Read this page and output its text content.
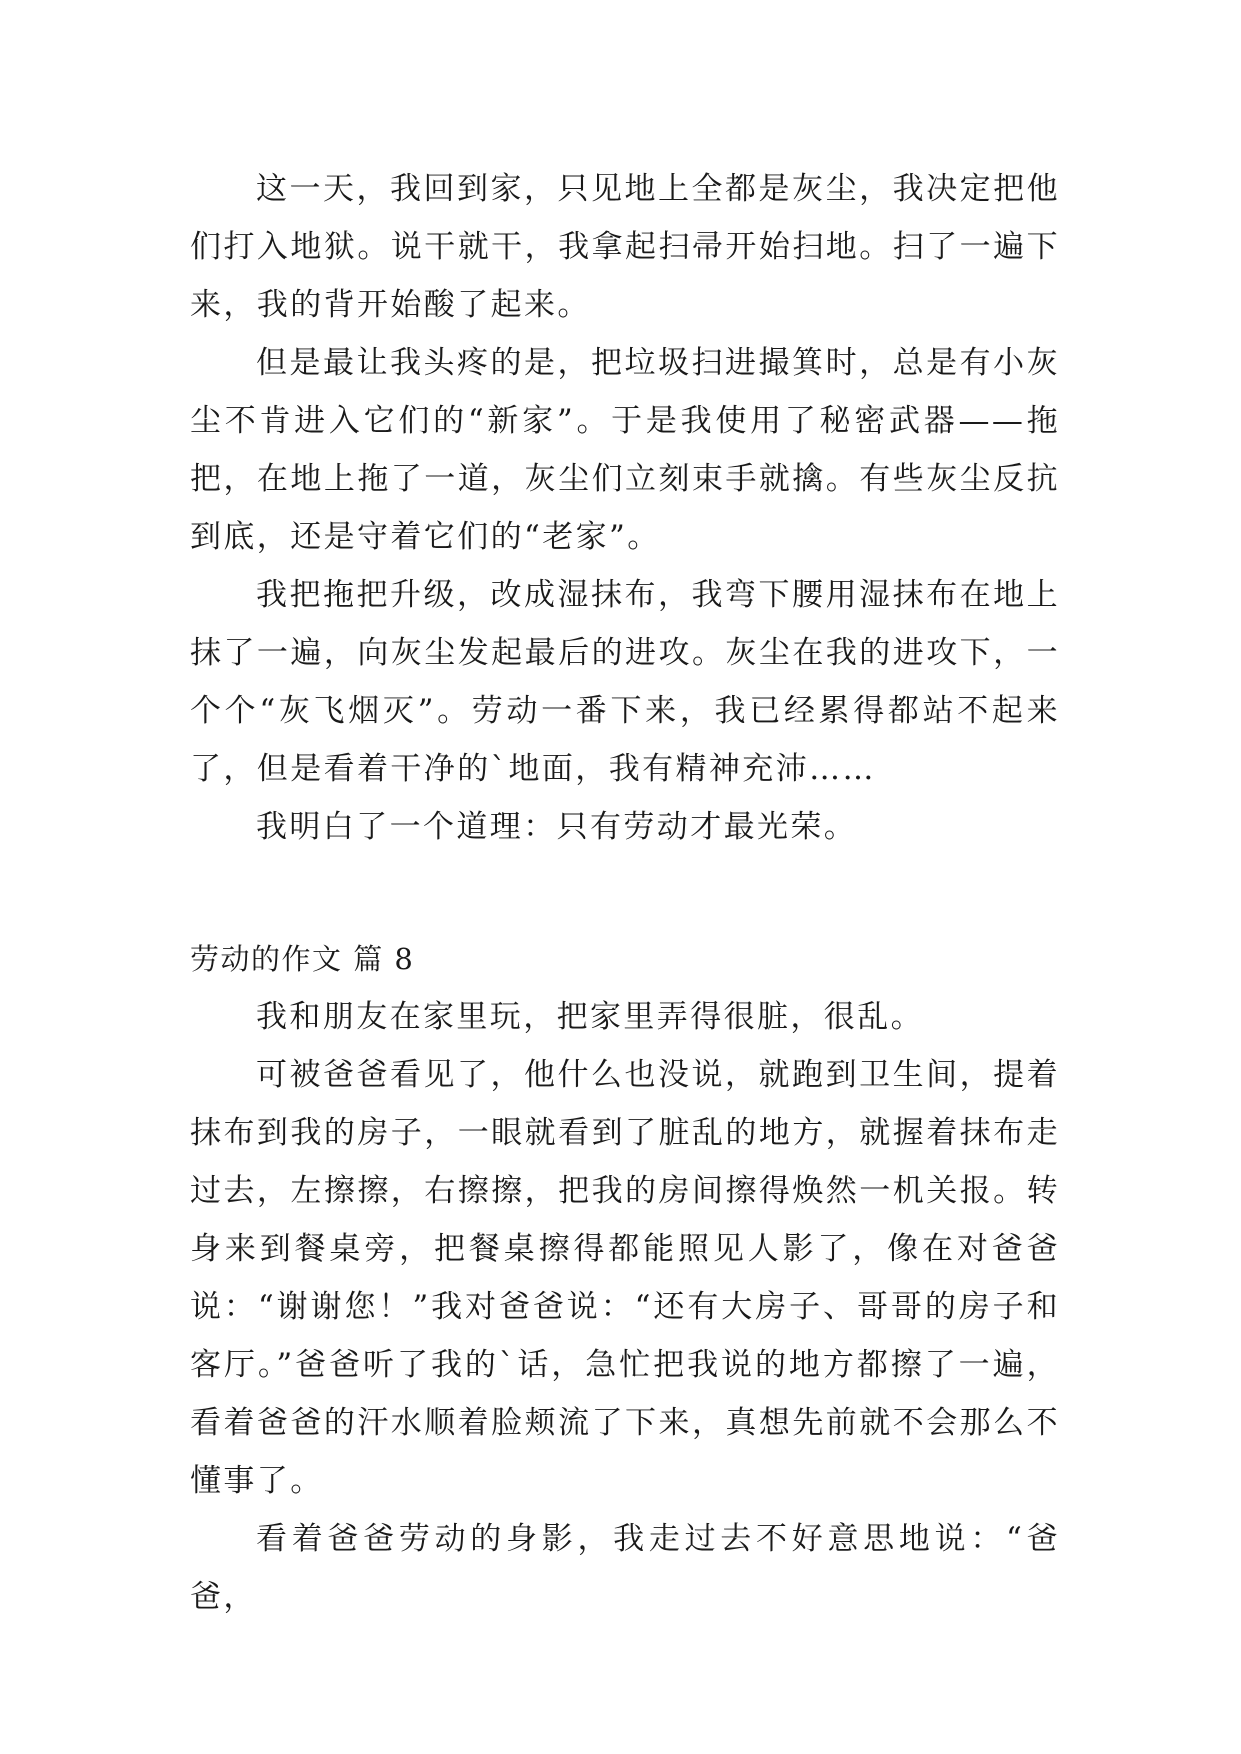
这一天，我回到家，只见地上全都是灰尘，我决定把他们打入地狱。说干就干，我拿起扫帚开始扫地。扫了一遍下来，我的背开始酸了起来。

但是最让我头疼的是，把垃圾扫进撮箕时，总是有小灰尘不肯进入它们的“新家”。于是我使用了秘密武器——拖把，在地上拖了一道，灰尘们立刻束手就擒。有些灰尘反抗到底，还是守着它们的“老家”。

我把拖把升级，改成湿抹布，我弯下腰用湿抹布在地上抹了一遍，向灰尘发起最后的进攻。灰尘在我的进攻下，一个个“灰飞烟灭”。劳动一番下来，我已经累得都站不起来了，但是看着干净的`地面，我有精神充沛……

我明白了一个道理：只有劳动才最光荣。

劳动的作文 篇 8

我和朋友在家里玩，把家里弄得很脏，很乱。

可被爸爸看见了，他什么也没说，就跑到卫生间，提着抹布到我的房子，一眼就看到了脏乱的地方，就握着抹布走过去，左擦擦，右擦擦，把我的房间擦得焕然一机关报。转身来到餐桌旁，把餐桌擦得都能照见人影了，像在对爸爸说：“谢谢您！”我对爸爸说：“还有大房子、哥哥的房子和客厅。”爸爸听了我的`话，急忙把我说的地方都擦了一遍，看着爸爸的汗水顺着脸颊流了下来，真想先前就不会那么不懂事了。

看着爸爸劳动的身影，我走过去不好意思地说：“爸爸，
